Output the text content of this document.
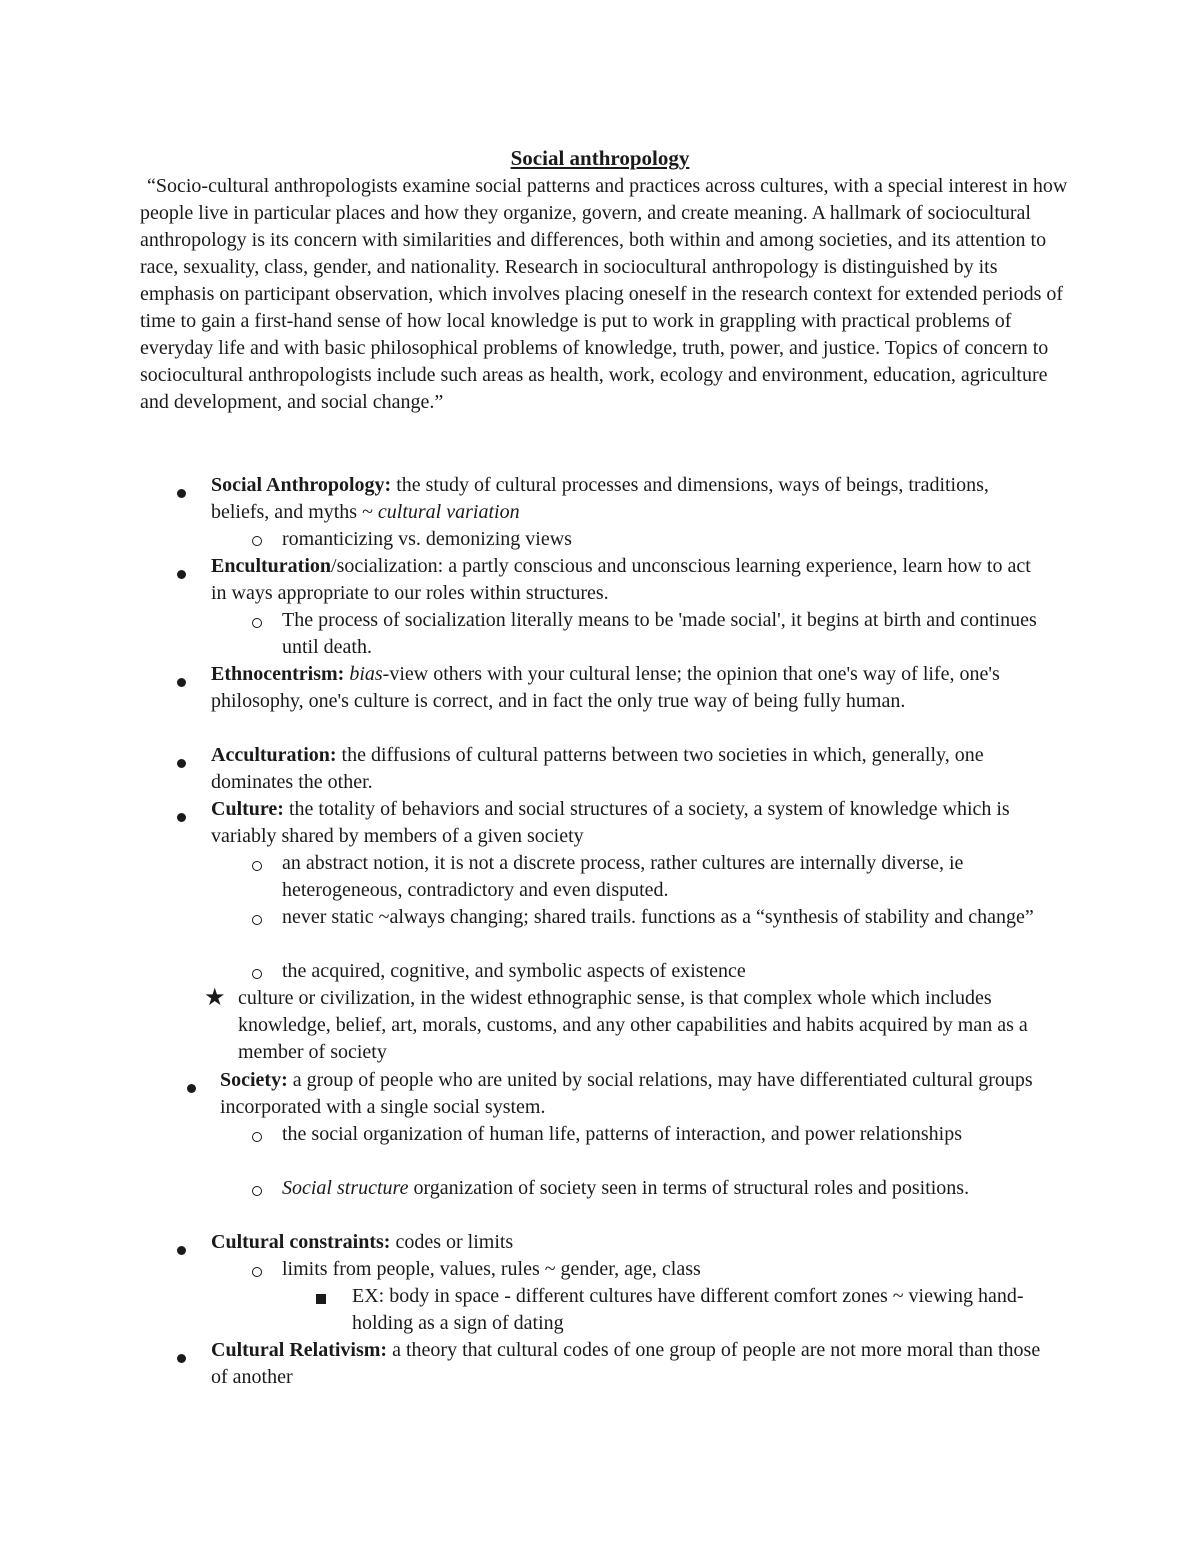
Social anthropology

“Socio-cultural anthropologists examine social patterns and practices across cultures, with a special interest in how people live in particular places and how they organize, govern, and create meaning. A hallmark of sociocultural anthropology is its concern with similarities and differences, both within and among societies, and its attention to race, sexuality, class, gender, and nationality. Research in sociocultural anthropology is distinguished by its emphasis on participant observation, which involves placing oneself in the research context for extended periods of time to gain a first-hand sense of how local knowledge is put to work in grappling with practical problems of everyday life and with basic philosophical problems of knowledge, truth, power, and justice. Topics of concern to sociocultural anthropologists include such areas as health, work, ecology and environment, education, agriculture and development, and social change.”

Social Anthropology: the study of cultural processes and dimensions, ways of beings, traditions, beliefs, and myths ~ cultural variation

romanticizing vs. demonizing views

Enculturation/socialization: a partly conscious and unconscious learning experience, learn how to act in ways appropriate to our roles within structures.

The process of socialization literally means to be 'made social', it begins at birth and continues until death.

Ethnocentrism: bias-view others with your cultural lense; the opinion that one's way of life, one's philosophy, one's culture is correct, and in fact the only true way of being fully human.

Acculturation: the diffusions of cultural patterns between two societies in which, generally, one dominates the other.

Culture: the totality of behaviors and social structures of a society, a system of knowledge which is variably shared by members of a given society

an abstract notion, it is not a discrete process, rather cultures are internally diverse, ie heterogeneous, contradictory and even disputed.

never static ~always changing; shared trails. functions as a “synthesis of stability and change”

the acquired, cognitive, and symbolic aspects of existence

★ culture or civilization, in the widest ethnographic sense, is that complex whole which includes knowledge, belief, art, morals, customs, and any other capabilities and habits acquired by man as a member of society

Society: a group of people who are united by social relations, may have differentiated cultural groups incorporated with a single social system.

the social organization of human life, patterns of interaction, and power relationships

Social structure organization of society seen in terms of structural roles and positions.

Cultural constraints: codes or limits

limits from people, values, rules ~ gender, age, class

EX: body in space - different cultures have different comfort zones ~ viewing hand-holding as a sign of dating

Cultural Relativism: a theory that cultural codes of one group of people are not more moral than those of another
